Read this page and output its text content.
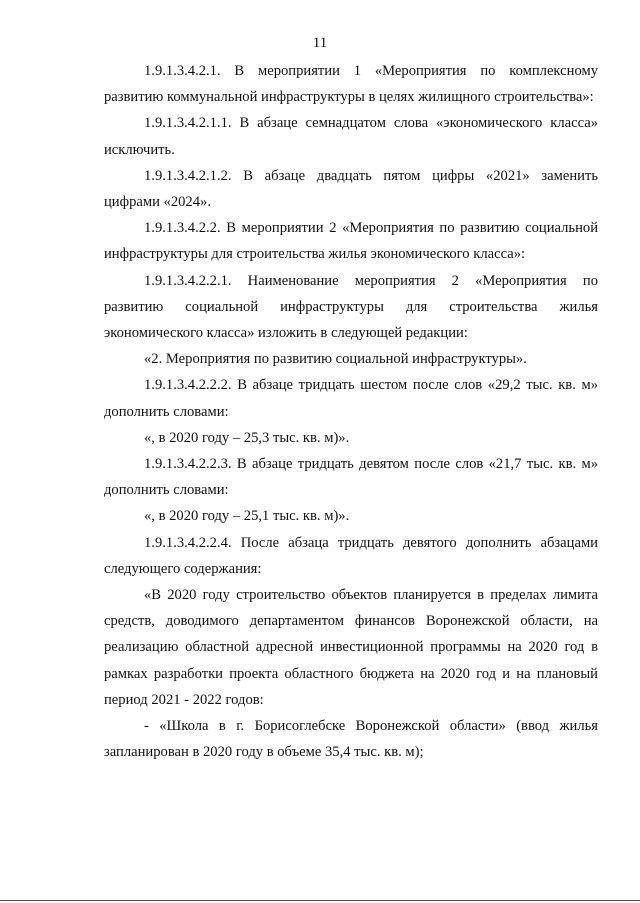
11

1.9.1.3.4.2.1. В мероприятии 1 «Мероприятия по комплексному развитию коммунальной инфраструктуры в целях жилищного строительства»:

1.9.1.3.4.2.1.1. В абзаце семнадцатом слова «экономического класса» исключить.

1.9.1.3.4.2.1.2. В абзаце двадцать пятом цифры «2021» заменить цифрами «2024».

1.9.1.3.4.2.2. В мероприятии 2 «Мероприятия по развитию социальной инфраструктуры для строительства жилья экономического класса»:

1.9.1.3.4.2.2.1. Наименование мероприятия 2 «Мероприятия по развитию социальной инфраструктуры для строительства жилья экономического класса» изложить в следующей редакции:

«2. Мероприятия по развитию социальной инфраструктуры».

1.9.1.3.4.2.2.2. В абзаце тридцать шестом после слов «29,2 тыс. кв. м» дополнить словами:

«, в 2020 году – 25,3 тыс. кв. м)».

1.9.1.3.4.2.2.3. В абзаце тридцать девятом после слов «21,7 тыс. кв. м» дополнить словами:

«, в 2020 году – 25,1 тыс. кв. м)».

1.9.1.3.4.2.2.4. После абзаца тридцать девятого дополнить абзацами следующего содержания:

«В 2020 году строительство объектов планируется в пределах лимита средств, доводимого департаментом финансов Воронежской области, на реализацию областной адресной инвестиционной программы на 2020 год в рамках разработки проекта областного бюджета на 2020 год и на плановый период 2021 - 2022 годов:

- «Школа в г. Борисоглебске Воронежской области» (ввод жилья запланирован в 2020 году в объеме 35,4 тыс. кв. м);
